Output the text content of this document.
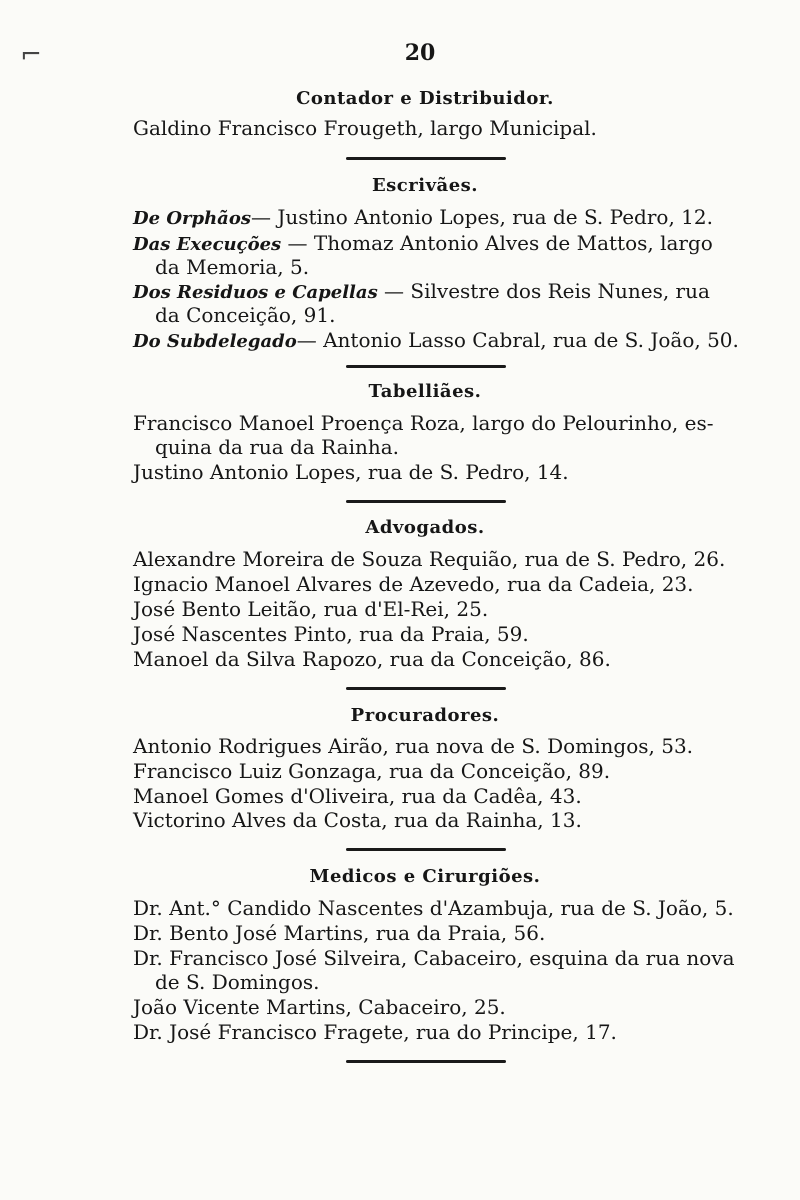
⌐	20
Contador e Distribuidor.
Galdino Francisco Frougeth, largo Municipal.
Escrivães.
De Orphãos— Justino Antonio Lopes, rua de S. Pedro, 12.
Das Execuções — Thomaz Antonio Alves de Mattos, largo
da Memoria, 5.
Dos Residuos e Capellas — Silvestre dos Reis Nunes, rua
da Conceição, 91.
Do Subdelegado— Antonio Lasso Cabral, rua de S. João, 50.
Tabelliães.
Francisco Manoel Proença Roza, largo do Pelourinho, es-
quina da rua da Rainha.
Justino Antonio Lopes, rua de S. Pedro, 14.
Advogados.
Alexandre Moreira de Souza Requião, rua de S. Pedro, 26.
Ignacio Manoel Alvares de Azevedo, rua da Cadeia, 23.
José Bento Leitão, rua d'El-Rei, 25.
José Nascentes Pinto, rua da Praia, 59.
Manoel da Silva Rapozo, rua da Conceição, 86.
Procuradores.
Antonio Rodrigues Airão, rua nova de S. Domingos, 53.
Francisco Luiz Gonzaga, rua da Conceição, 89.
Manoel Gomes d'Oliveira, rua da Cadêa, 43.
Victorino Alves da Costa, rua da Rainha, 13.
Medicos e Cirurgiões.
Dr. Ant.° Candido Nascentes d'Azambuja, rua de S. João, 5.
Dr. Bento José Martins, rua da Praia, 56.
Dr. Francisco José Silveira, Cabaceiro, esquina da rua nova
de S. Domingos.
João Vicente Martins, Cabaceiro, 25.
Dr. José Francisco Fragete, rua do Principe, 17.
